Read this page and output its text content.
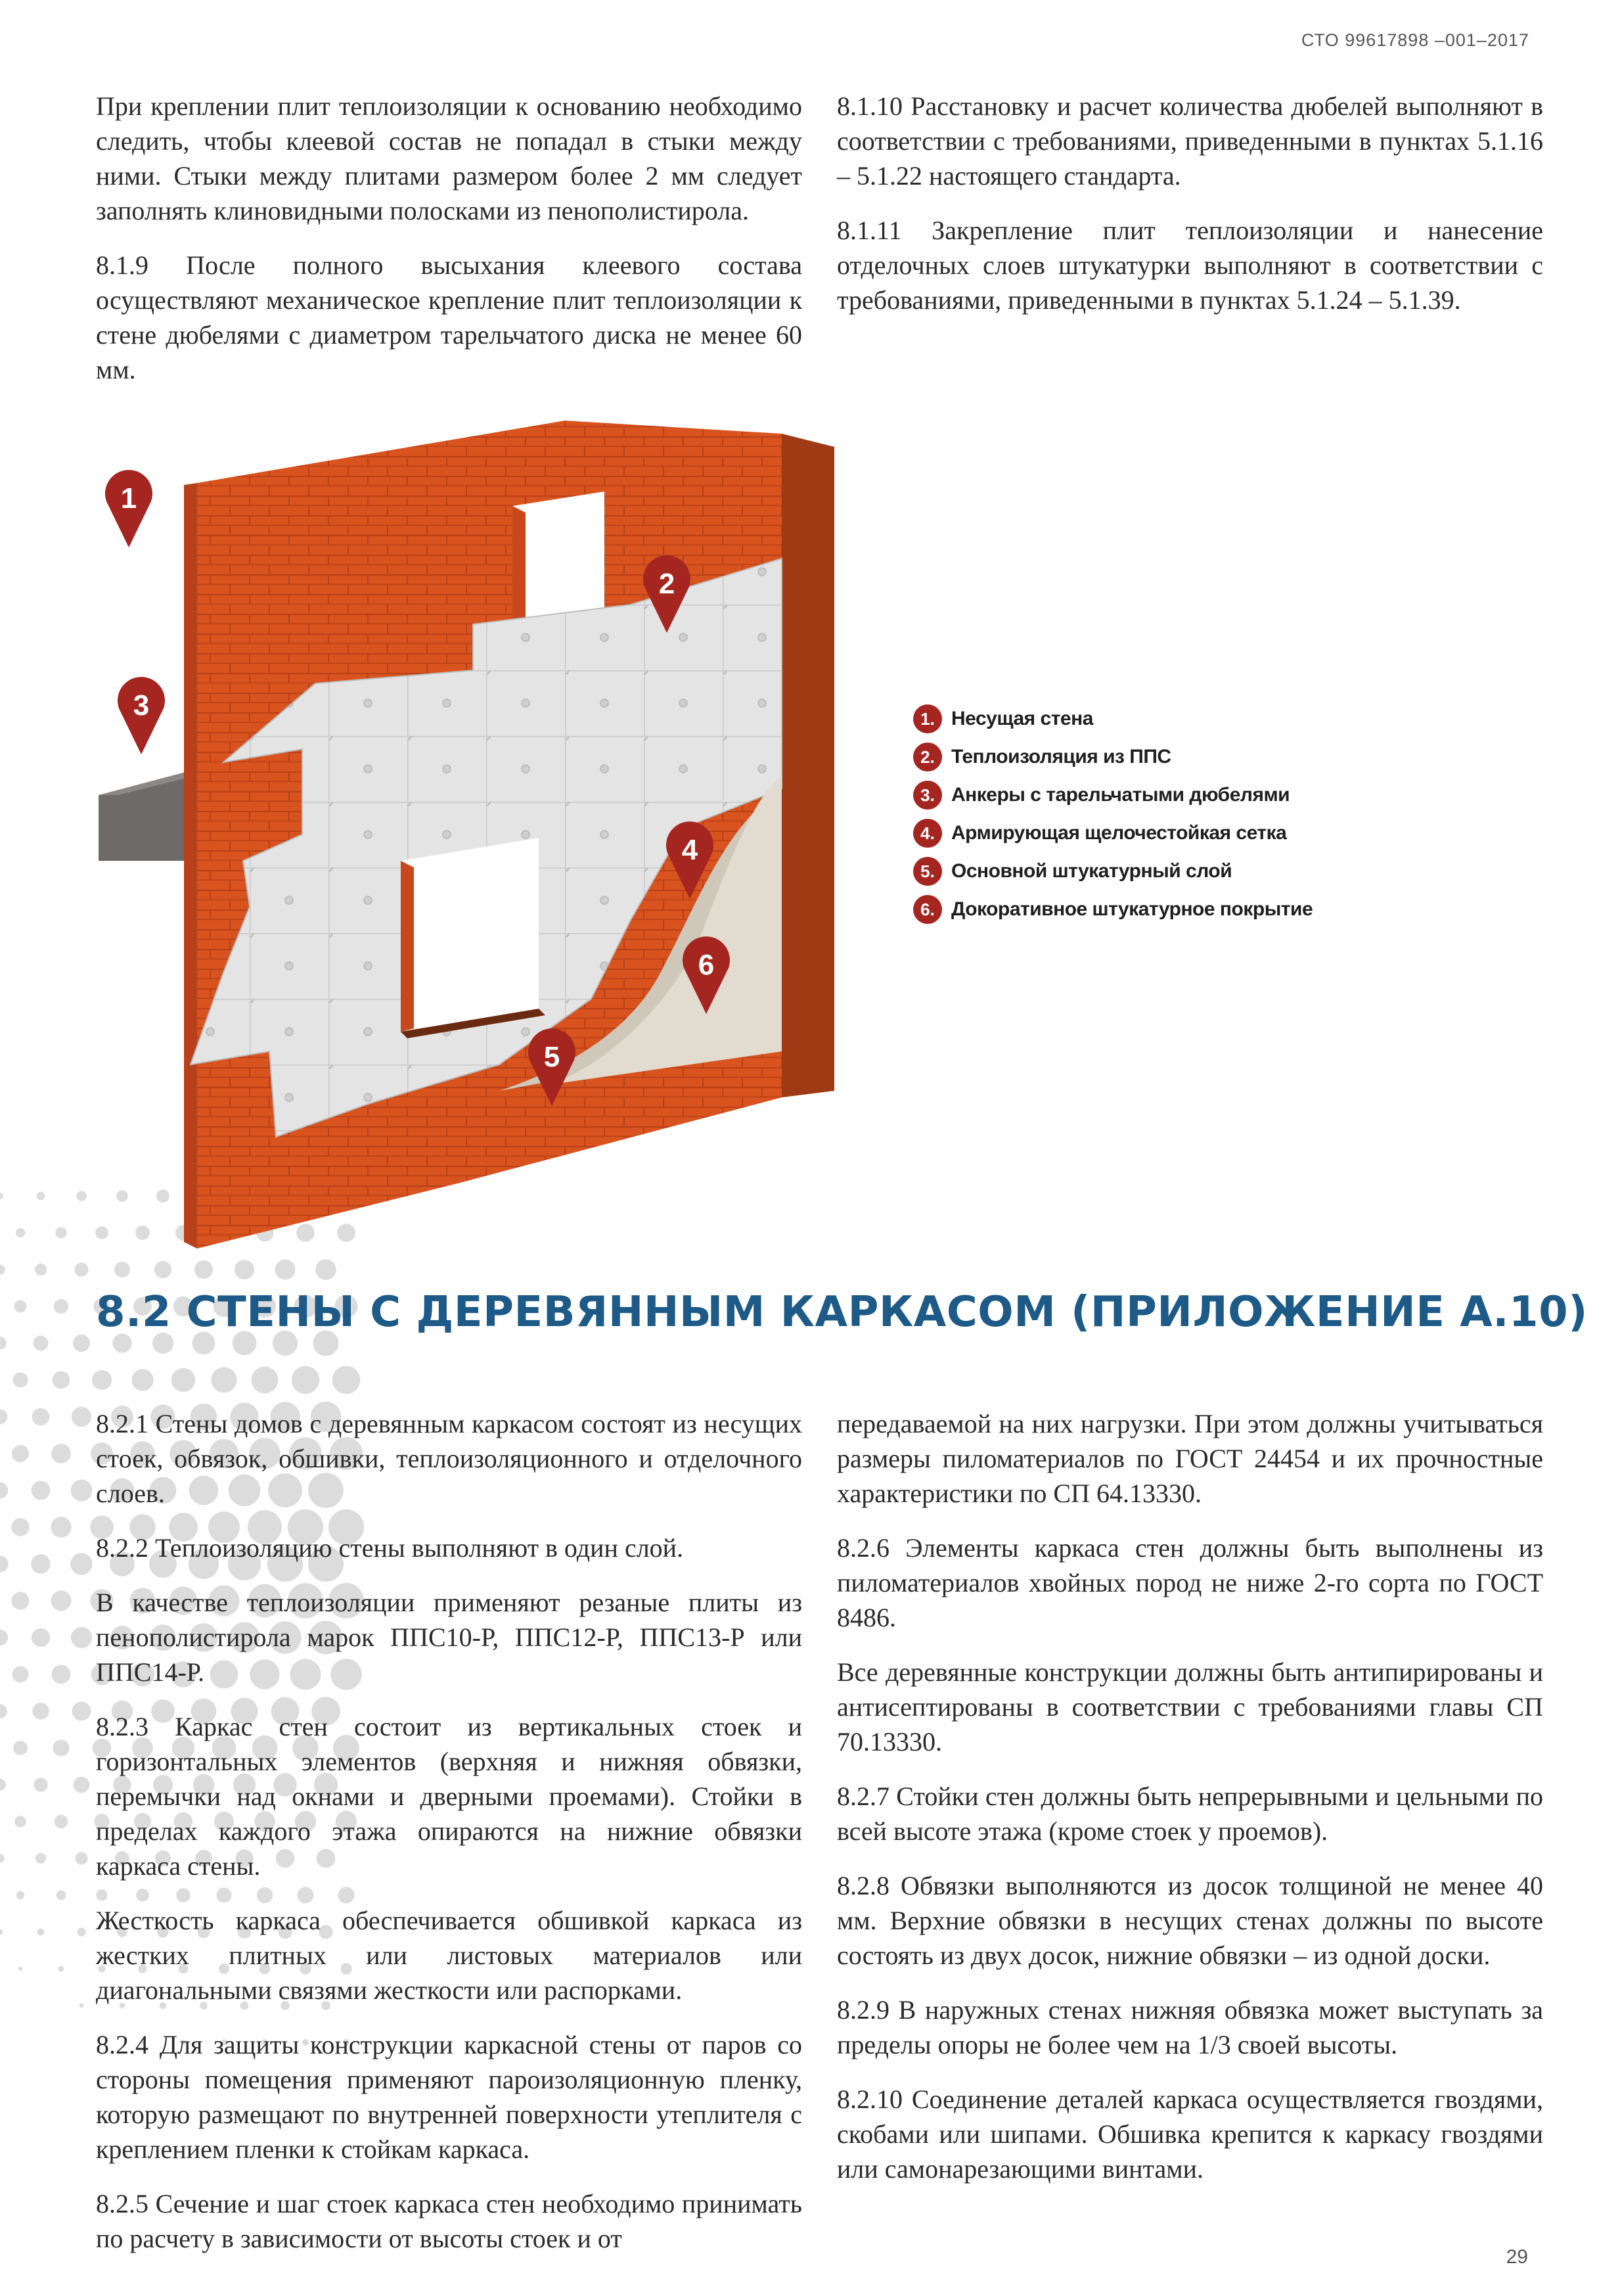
СТО 99617898 –001–2017

При креплении плит теплоизоляции к основанию необходимо следить, чтобы клеевой состав не попадал в стыки между ними. Стыки между плитами размером более 2 мм следует заполнять клиновидными полосками из пенополистирола.

8.1.9 После полного высыхания клеевого состава осуществляют механическое крепление плит теплоизоляции к стене дюбелями с диаметром тарельчатого диска не менее 60 мм.

8.1.10 Расстановку и расчет количества дюбелей выполняют в соответствии с требованиями, приведенными в пунктах 5.1.16 – 5.1.22 настоящего стандарта.

8.1.11 Закрепление плит теплоизоляции и нанесение отделочных слоев штукатурки выполняют в соответствии с требованиями, приведенными в пунктах 5.1.24 – 5.1.39.

1
2
3
4
6
5
1. Несущая стена
2. Теплоизоляция из ППС
3. Анкеры с тарельчатыми дюбелями
4. Армирующая щелочестойкая сетка
5. Основной штукатурный слой
6. Докоративное штукатурное покрытие
8.2 СТЕНЫ С ДЕРЕВЯННЫМ КАРКАСОМ (ПРИЛОЖЕНИЕ А.10)

8.2.1 Стены домов с деревянным каркасом состоят из несущих стоек, обвязок, обшивки, теплоизоляционного и отделочного слоев.

8.2.2 Теплоизоляцию стены выполняют в один слой.

В качестве теплоизоляции применяют резаные плиты из пенополистирола марок ППС10-Р, ППС12-Р, ППС13-Р или ППС14-Р.

8.2.3 Каркас стен состоит из вертикальных стоек и горизонтальных элементов (верхняя и нижняя обвязки, перемычки над окнами и дверными проемами). Стойки в пределах каждого этажа опираются на нижние обвязки каркаса стены.

Жесткость каркаса обеспечивается обшивкой каркаса из жестких плитных или листовых материалов или диагональными связями жесткости или распорками.

8.2.4 Для защиты конструкции каркасной стены от паров со стороны помещения применяют пароизоляционную пленку, которую размещают по внутренней поверхности утеплителя с креплением пленки к стойкам каркаса.

8.2.5 Сечение и шаг стоек каркаса стен необходимо принимать по расчету в зависимости от высоты стоек и от

передаваемой на них нагрузки. При этом должны учитываться размеры пиломатериалов по ГОСТ 24454 и их прочностные характеристики по СП 64.13330.

8.2.6 Элементы каркаса стен должны быть выполнены из пиломатериалов хвойных пород не ниже 2-го сорта по ГОСТ 8486.

Все деревянные конструкции должны быть антипирированы и антисептированы в соответствии с требованиями главы СП 70.13330.

8.2.7 Стойки стен должны быть непрерывными и цельными по всей высоте этажа (кроме стоек у проемов).

8.2.8 Обвязки выполняются из досок толщиной не менее 40 мм. Верхние обвязки в несущих стенах должны по высоте состоять из двух досок, нижние обвязки – из одной доски.

8.2.9 В наружных стенах нижняя обвязка может выступать за пределы опоры не более чем на 1/3 своей высоты.

8.2.10 Соединение деталей каркаса осуществляется гвоздями, скобами или шипами. Обшивка крепится к каркасу гвоздями или самонарезающими винтами.

29
